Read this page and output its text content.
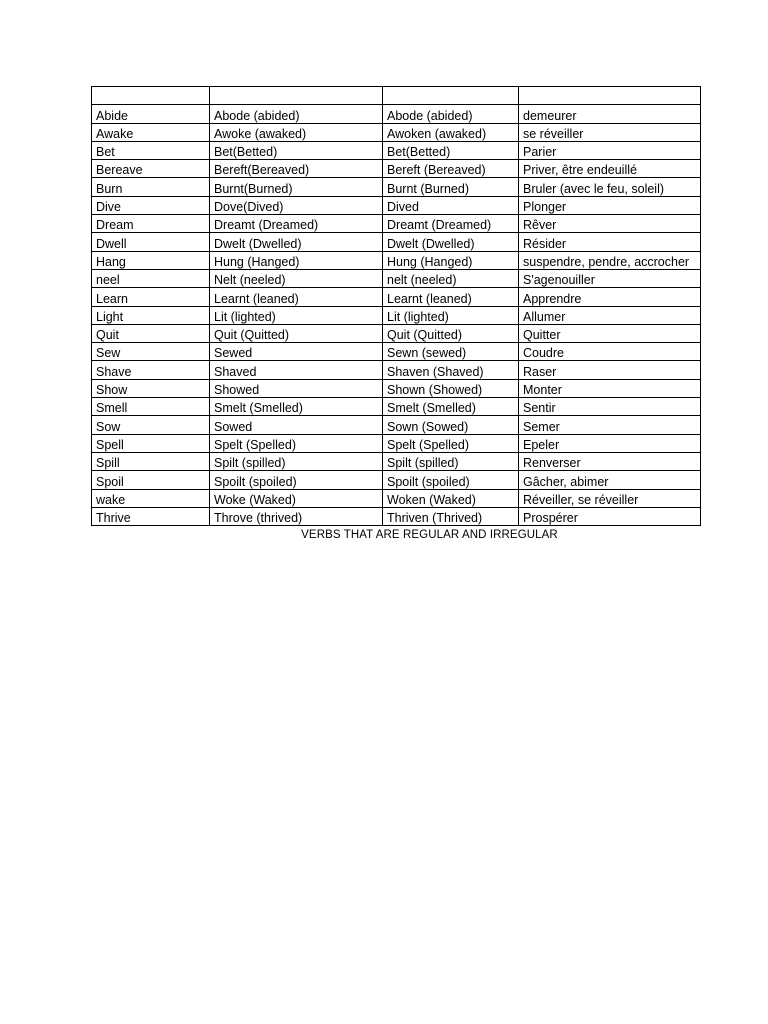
Abide	Abode (abided)	Abode (abided)	demeurer
Awake	Awoke (awaked)	Awoken (awaked)	se réveiller
Bet	Bet(Betted)	Bet(Betted)	Parier
Bereave	Bereft(Bereaved)	Bereft (Bereaved)	Priver, être endeuillé
Burn	Burnt(Burned)	Burnt (Burned)	Bruler (avec le feu, soleil)
Dive	Dove(Dived)	Dived	Plonger
Dream	Dreamt (Dreamed)	Dreamt (Dreamed)	Rêver
Dwell	Dwelt (Dwelled)	Dwelt (Dwelled)	Résider
Hang	Hung (Hanged)	Hung (Hanged)	suspendre, pendre, accrocher
neel	Nelt (neeled)	nelt (neeled)	S'agenouiller
Learn	Learnt (leaned)	Learnt (leaned)	Apprendre
Light	Lit (lighted)	Lit (lighted)	Allumer
Quit	Quit (Quitted)	Quit (Quitted)	Quitter
Sew	Sewed	Sewn (sewed)	Coudre
Shave	Shaved	Shaven (Shaved)	Raser
Show	Showed	Shown (Showed)	Monter
Smell	Smelt (Smelled)	Smelt (Smelled)	Sentir
Sow	Sowed	Sown (Sowed)	Semer
Spell	Spelt (Spelled)	Spelt (Spelled)	Epeler
Spill	Spilt (spilled)	Spilt (spilled)	Renverser
Spoil	Spoilt (spoiled)	Spoilt (spoiled)	Gâcher, abimer
wake	Woke (Waked)	Woken (Waked)	Réveiller, se réveiller
Thrive	Throve (thrived)	Thriven (Thrived)	Prospérer
VERBS THAT ARE REGULAR AND IRREGULAR
